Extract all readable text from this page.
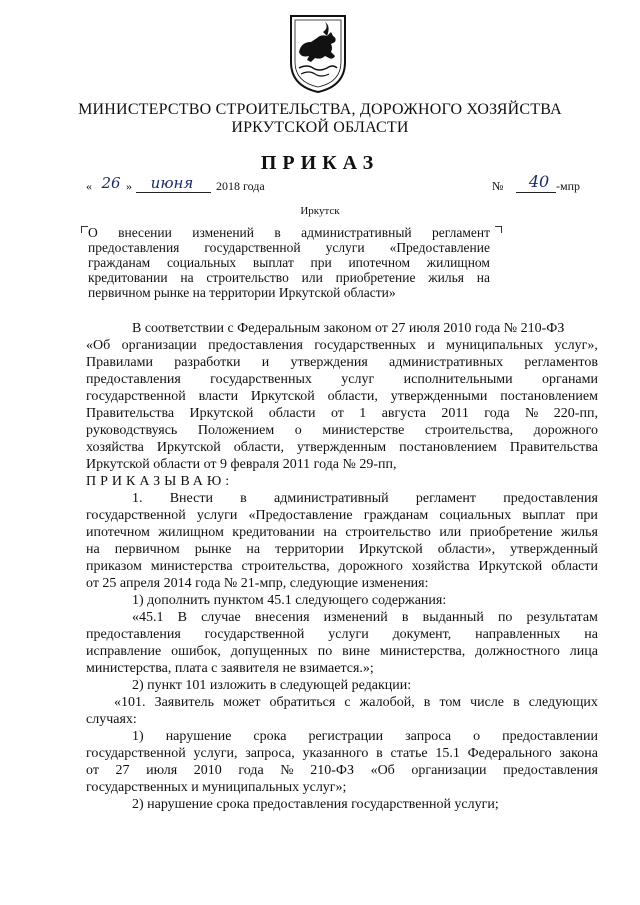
МИНИСТЕРСТВО СТРОИТЕЛЬСТВА, ДОРОЖНОГО ХОЗЯЙСТВА
ИРКУТСКОЙ ОБЛАСТИ
ПРИКАЗ
« 26 »	июня	2018 года	№	40 -мпр
Иркутск
О внесении изменений в административный регламент
предоставления государственной услуги «Предоставление
гражданам социальных выплат при ипотечном жилищном
кредитовании на строительство или приобретение жилья на
первичном рынке на территории Иркутской области»
В соответствии с Федеральным законом от 27 июля 2010 года № 210-ФЗ
«Об организации предоставления государственных и муниципальных услуг»,
Правилами разработки и утверждения административных регламентов
предоставления государственных услуг исполнительными органами
государственной власти Иркутской области, утвержденными постановлением
Правительства Иркутской области от 1 августа 2011 года № 220-пп,
руководствуясь Положением о министерстве строительства, дорожного
хозяйства Иркутской области, утвержденным постановлением Правительства
Иркутской области от 9 февраля 2011 года № 29-пп,
ПРИКАЗЫВАЮ:
1. Внести в административный регламент предоставления
государственной услуги «Предоставление гражданам социальных выплат при
ипотечном жилищном кредитовании на строительство или приобретение жилья
на первичном рынке на территории Иркутской области», утвержденный
приказом министерства строительства, дорожного хозяйства Иркутской области
от 25 апреля 2014 года № 21-мпр, следующие изменения:
1) дополнить пунктом 45.1 следующего содержания:
«45.1 В случае внесения изменений в выданный по результатам
предоставления государственной услуги документ, направленных на
исправление ошибок, допущенных по вине министерства, должностного лица
министерства, плата с заявителя не взимается.»;
2) пункт 101 изложить в следующей редакции:
«101. Заявитель может обратиться с жалобой, в том числе в следующих
случаях:
1) нарушение срока регистрации запроса о предоставлении
государственной услуги, запроса, указанного в статье 15.1 Федерального закона
от 27 июля 2010 года № 210-ФЗ «Об организации предоставления
государственных и муниципальных услуг»;
2) нарушение срока предоставления государственной услуги;
